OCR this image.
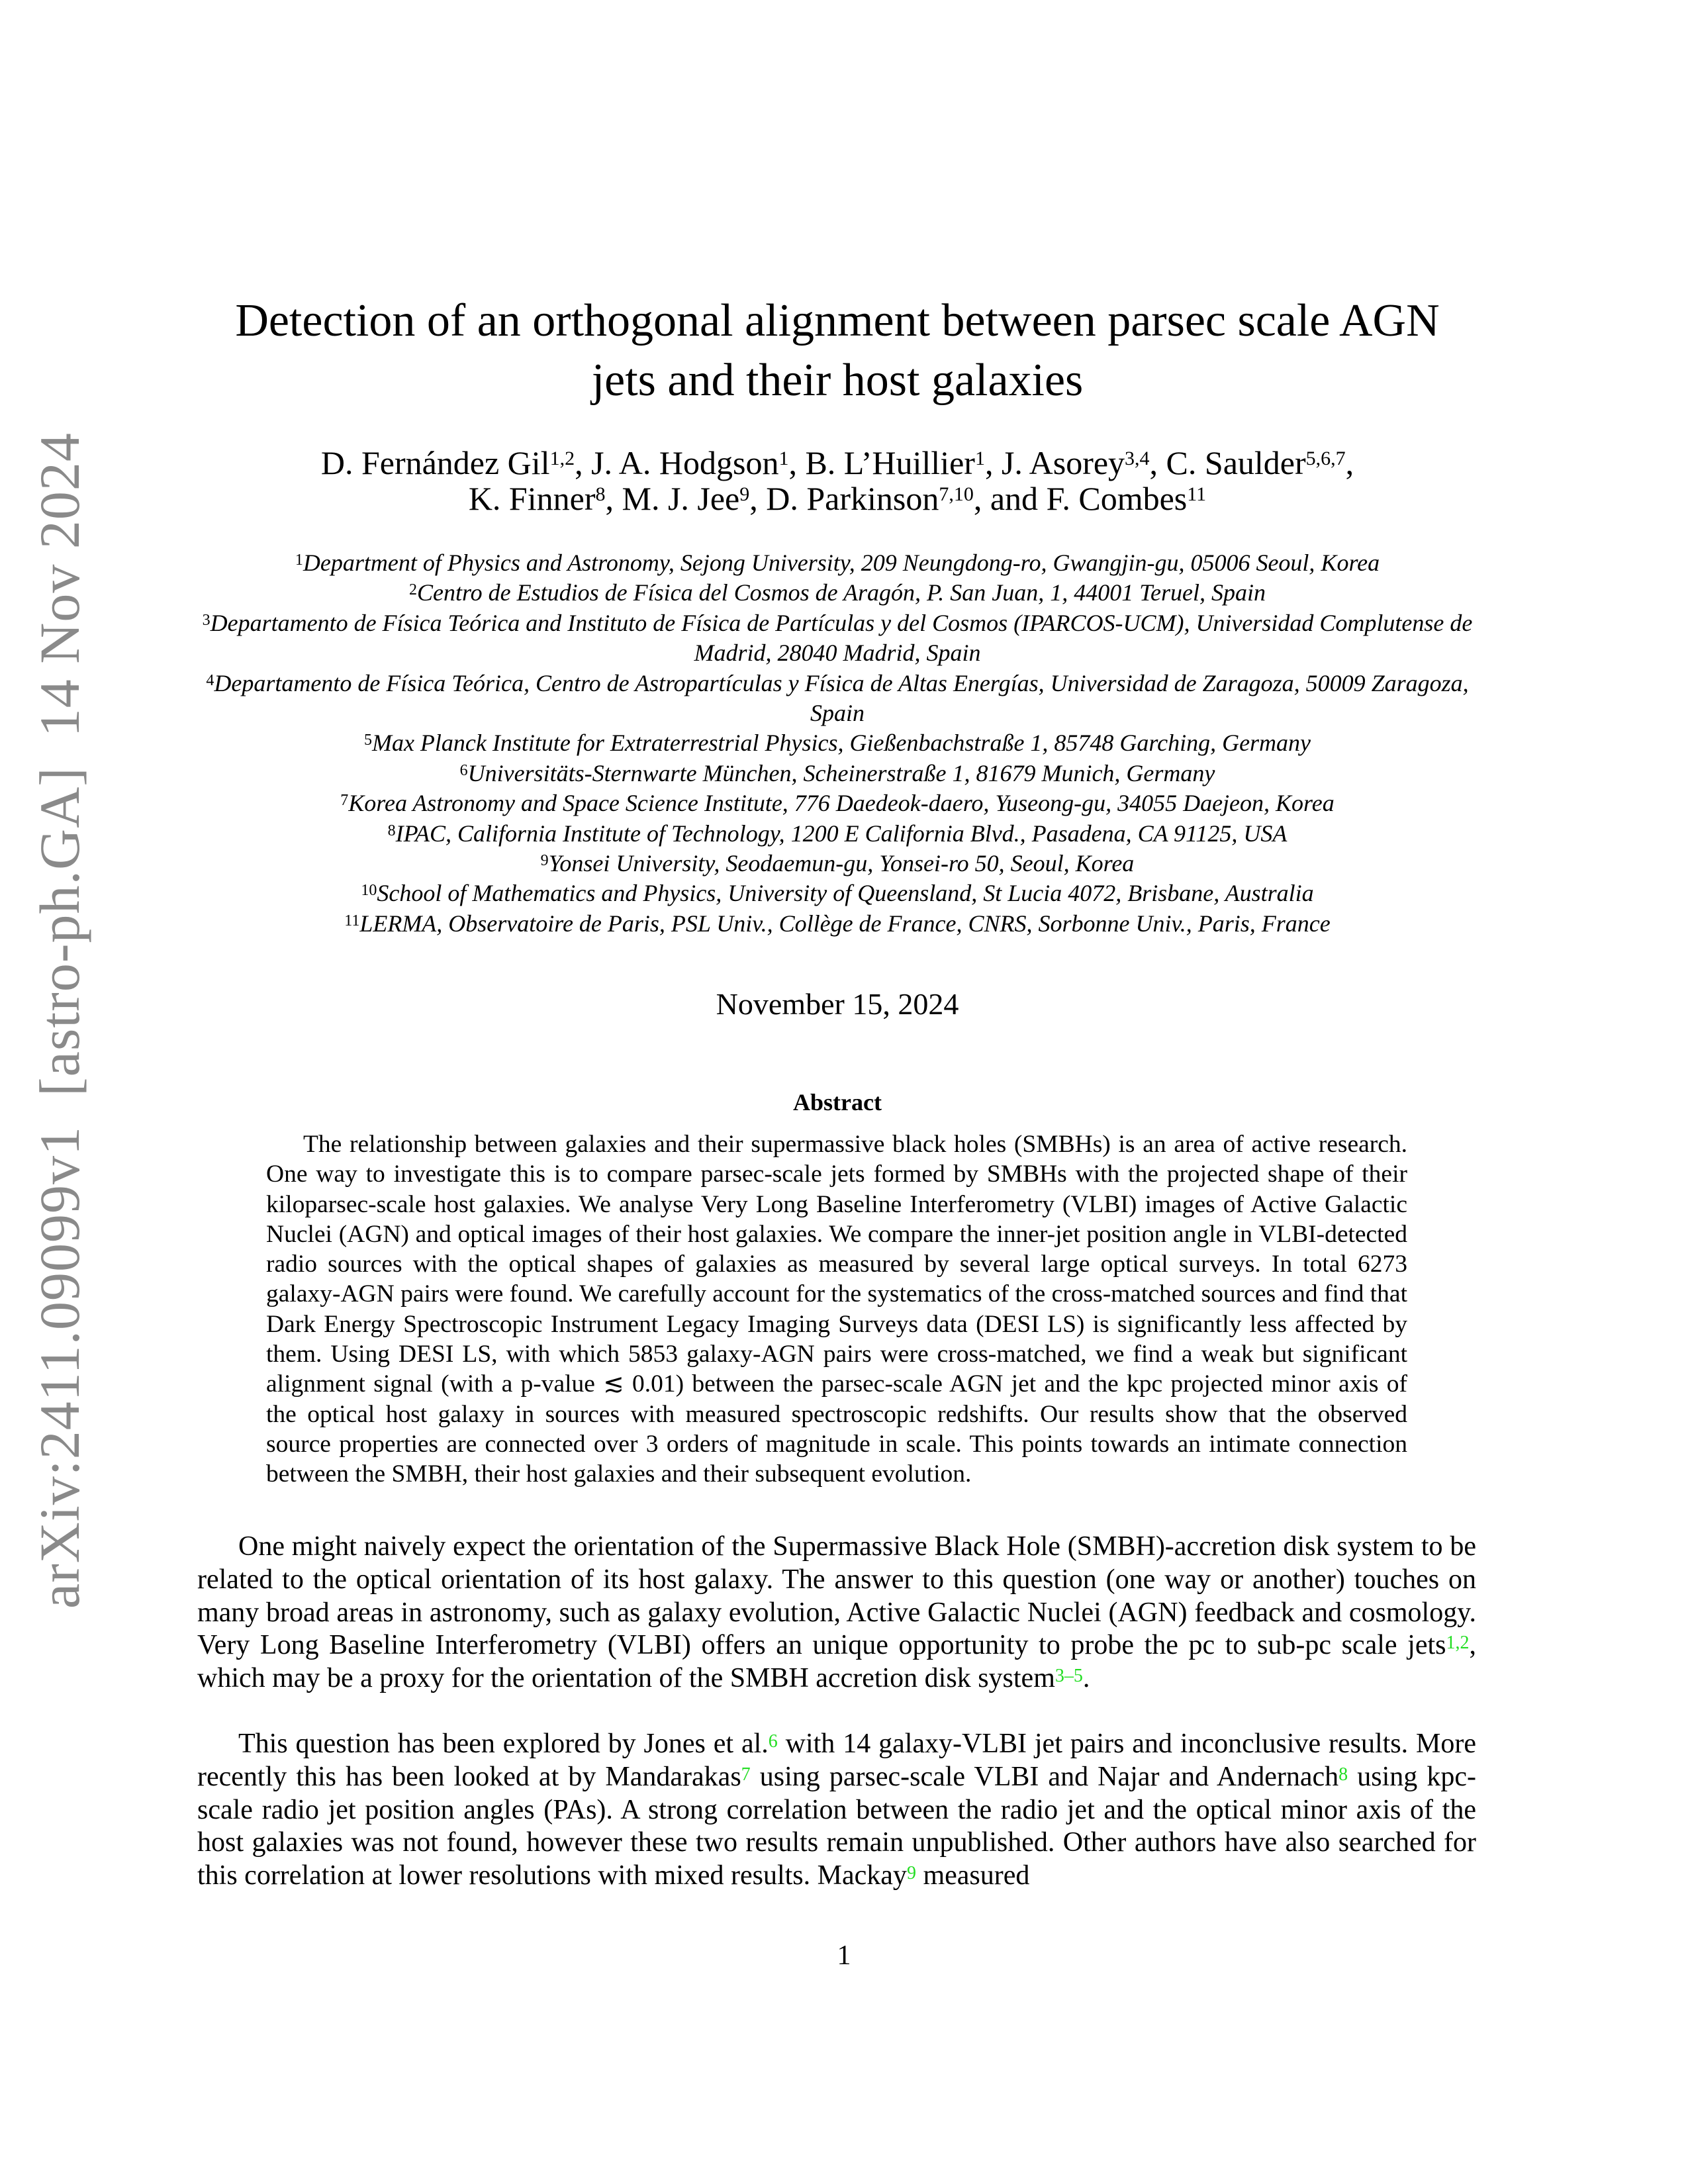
arXiv:2411.09099v1  [astro-ph.GA]  14 Nov 2024
Detection of an orthogonal alignment between parsec scale AGN
jets and their host galaxies
D. Fernández Gil$^{1,2}$, J. A. Hodgson$^1$, B. L’Huillier$^1$, J. Asorey$^{3,4}$, C. Saulder$^{5,6,7}$,
K. Finner$^8$, M. J. Jee$^9$, D. Parkinson$^{7,10}$, and F. Combes$^{11}$
$^1$Department of Physics and Astronomy, Sejong University, 209 Neungdong-ro, Gwangjin-gu, 05006 Seoul, Korea
$^2$Centro de Estudios de Física del Cosmos de Aragón, P. San Juan, 1, 44001 Teruel, Spain
$^3$Departamento de Física Teórica and Instituto de Física de Partículas y del Cosmos (IPARCOS-UCM), Universidad Complutense de Madrid, 28040 Madrid, Spain
$^4$Departamento de Física Teórica, Centro de Astropartículas y Física de Altas Energías, Universidad de Zaragoza, 50009 Zaragoza, Spain
$^5$Max Planck Institute for Extraterrestrial Physics, Gießenbachstraße 1, 85748 Garching, Germany
$^6$Universitäts-Sternwarte München, Scheinerstraße 1, 81679 Munich, Germany
$^7$Korea Astronomy and Space Science Institute, 776 Daedeok-daero, Yuseong-gu, 34055 Daejeon, Korea
$^8$IPAC, California Institute of Technology, 1200 E California Blvd., Pasadena, CA 91125, USA
$^9$Yonsei University, Seodaemun-gu, Yonsei-ro 50, Seoul, Korea
$^{10}$School of Mathematics and Physics, University of Queensland, St Lucia 4072, Brisbane, Australia
$^{11}$LERMA, Observatoire de Paris, PSL Univ., Collège de France, CNRS, Sorbonne Univ., Paris, France
November 15, 2024
Abstract
The relationship between galaxies and their supermassive black holes (SMBHs) is an area of active research. One way to investigate this is to compare parsec-scale jets formed by SMBHs with the projected shape of their kiloparsec-scale host galaxies. We analyse Very Long Baseline Interferometry (VLBI) images of Active Galactic Nuclei (AGN) and optical images of their host galaxies. We compare the inner-jet position angle in VLBI-detected radio sources with the optical shapes of galaxies as measured by several large optical surveys. In total 6273 galaxy-AGN pairs were found. We carefully account for the systematics of the cross-matched sources and find that Dark Energy Spectroscopic Instrument Legacy Imaging Surveys data (DESI LS) is significantly less affected by them. Using DESI LS, with which 5853 galaxy-AGN pairs were cross-matched, we find a weak but significant alignment signal (with a p-value ≲ 0.01) between the parsec-scale AGN jet and the kpc projected minor axis of the optical host galaxy in sources with measured spectroscopic redshifts. Our results show that the observed source properties are connected over 3 orders of magnitude in scale. This points towards an intimate connection between the SMBH, their host galaxies and their subsequent evolution.
One might naively expect the orientation of the Supermassive Black Hole (SMBH)-accretion disk system to be related to the optical orientation of its host galaxy. The answer to this question (one way or another) touches on many broad areas in astronomy, such as galaxy evolution, Active Galactic Nuclei (AGN) feedback and cosmology. Very Long Baseline Interferometry (VLBI) offers an unique opportunity to probe the pc to sub-pc scale jets$^{1,2}$, which may be a proxy for the orientation of the SMBH accretion disk system$^{3-5}$.
This question has been explored by Jones et al.$^6$ with 14 galaxy-VLBI jet pairs and inconclusive results. More recently this has been looked at by Mandarakas$^7$ using parsec-scale VLBI and Najar and Andernach$^8$ using kpc-scale radio jet position angles (PAs). A strong correlation between the radio jet and the optical minor axis of the host galaxies was not found, however these two results remain unpublished. Other authors have also searched for this correlation at lower resolutions with mixed results. Mackay$^9$ measured
1
